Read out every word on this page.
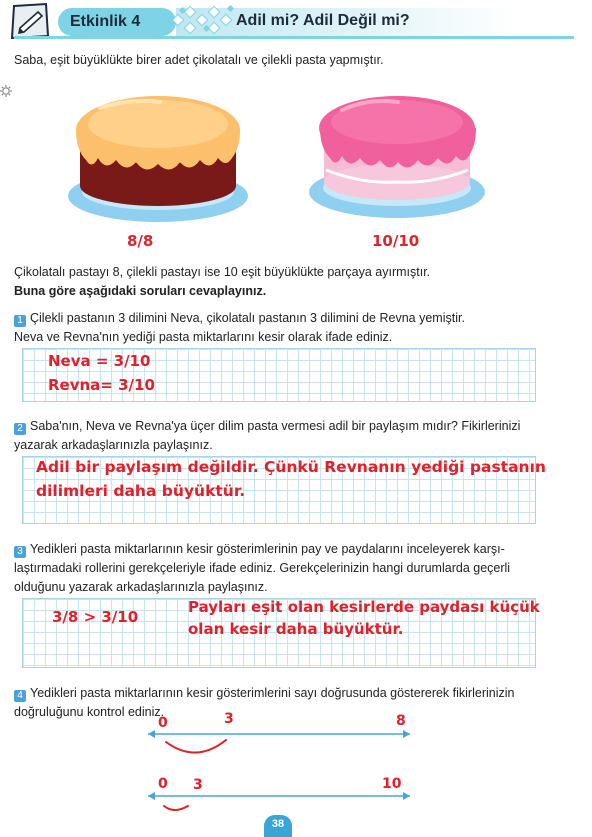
Etkinlik 4	Adil mi? Adil Değil mi?
Saba, eşit büyüklükte birer adet çikolatalı ve çilekli pasta yapmıştır.
8/8	10/10
Çikolatalı pastayı 8, çilekli pastayı ise 10 eşit büyüklükte parçaya ayırmıştır.
Buna göre aşağıdaki soruları cevaplayınız.
1 Çilekli pastanın 3 dilimini Neva, çikolatalı pastanın 3 dilimini de Revna yemiştir.
Neva ve Revna'nın yediği pasta miktarlarını kesir olarak ifade ediniz.
Neva = 3/10
Revna= 3/10
2 Saba'nın, Neva ve Revna'ya üçer dilim pasta vermesi adil bir paylaşım mıdır? Fikirlerinizi
yazarak arkadaşlarınızla paylaşınız.
Adil bir paylaşım değildir. Çünkü Revnanın yediği pastanın
dilimleri daha büyüktür.
3 Yedikleri pasta miktarlarının kesir gösterimlerinin pay ve paydalarını inceleyerek karşı-
laştırmadaki rollerini gerekçeleriyle ifade ediniz. Gerekçelerinizin hangi durumlarda geçerli
olduğunu yazarak arkadaşlarınızla paylaşınız.
3/8 > 3/10
Payları eşit olan kesirlerde paydası küçük
olan kesir daha büyüktür.
4 Yedikleri pasta miktarlarının kesir gösterimlerini sayı doğrusunda göstererek fikirlerinizin
doğruluğunu kontrol ediniz.
0	3	8
0 3	10
38
